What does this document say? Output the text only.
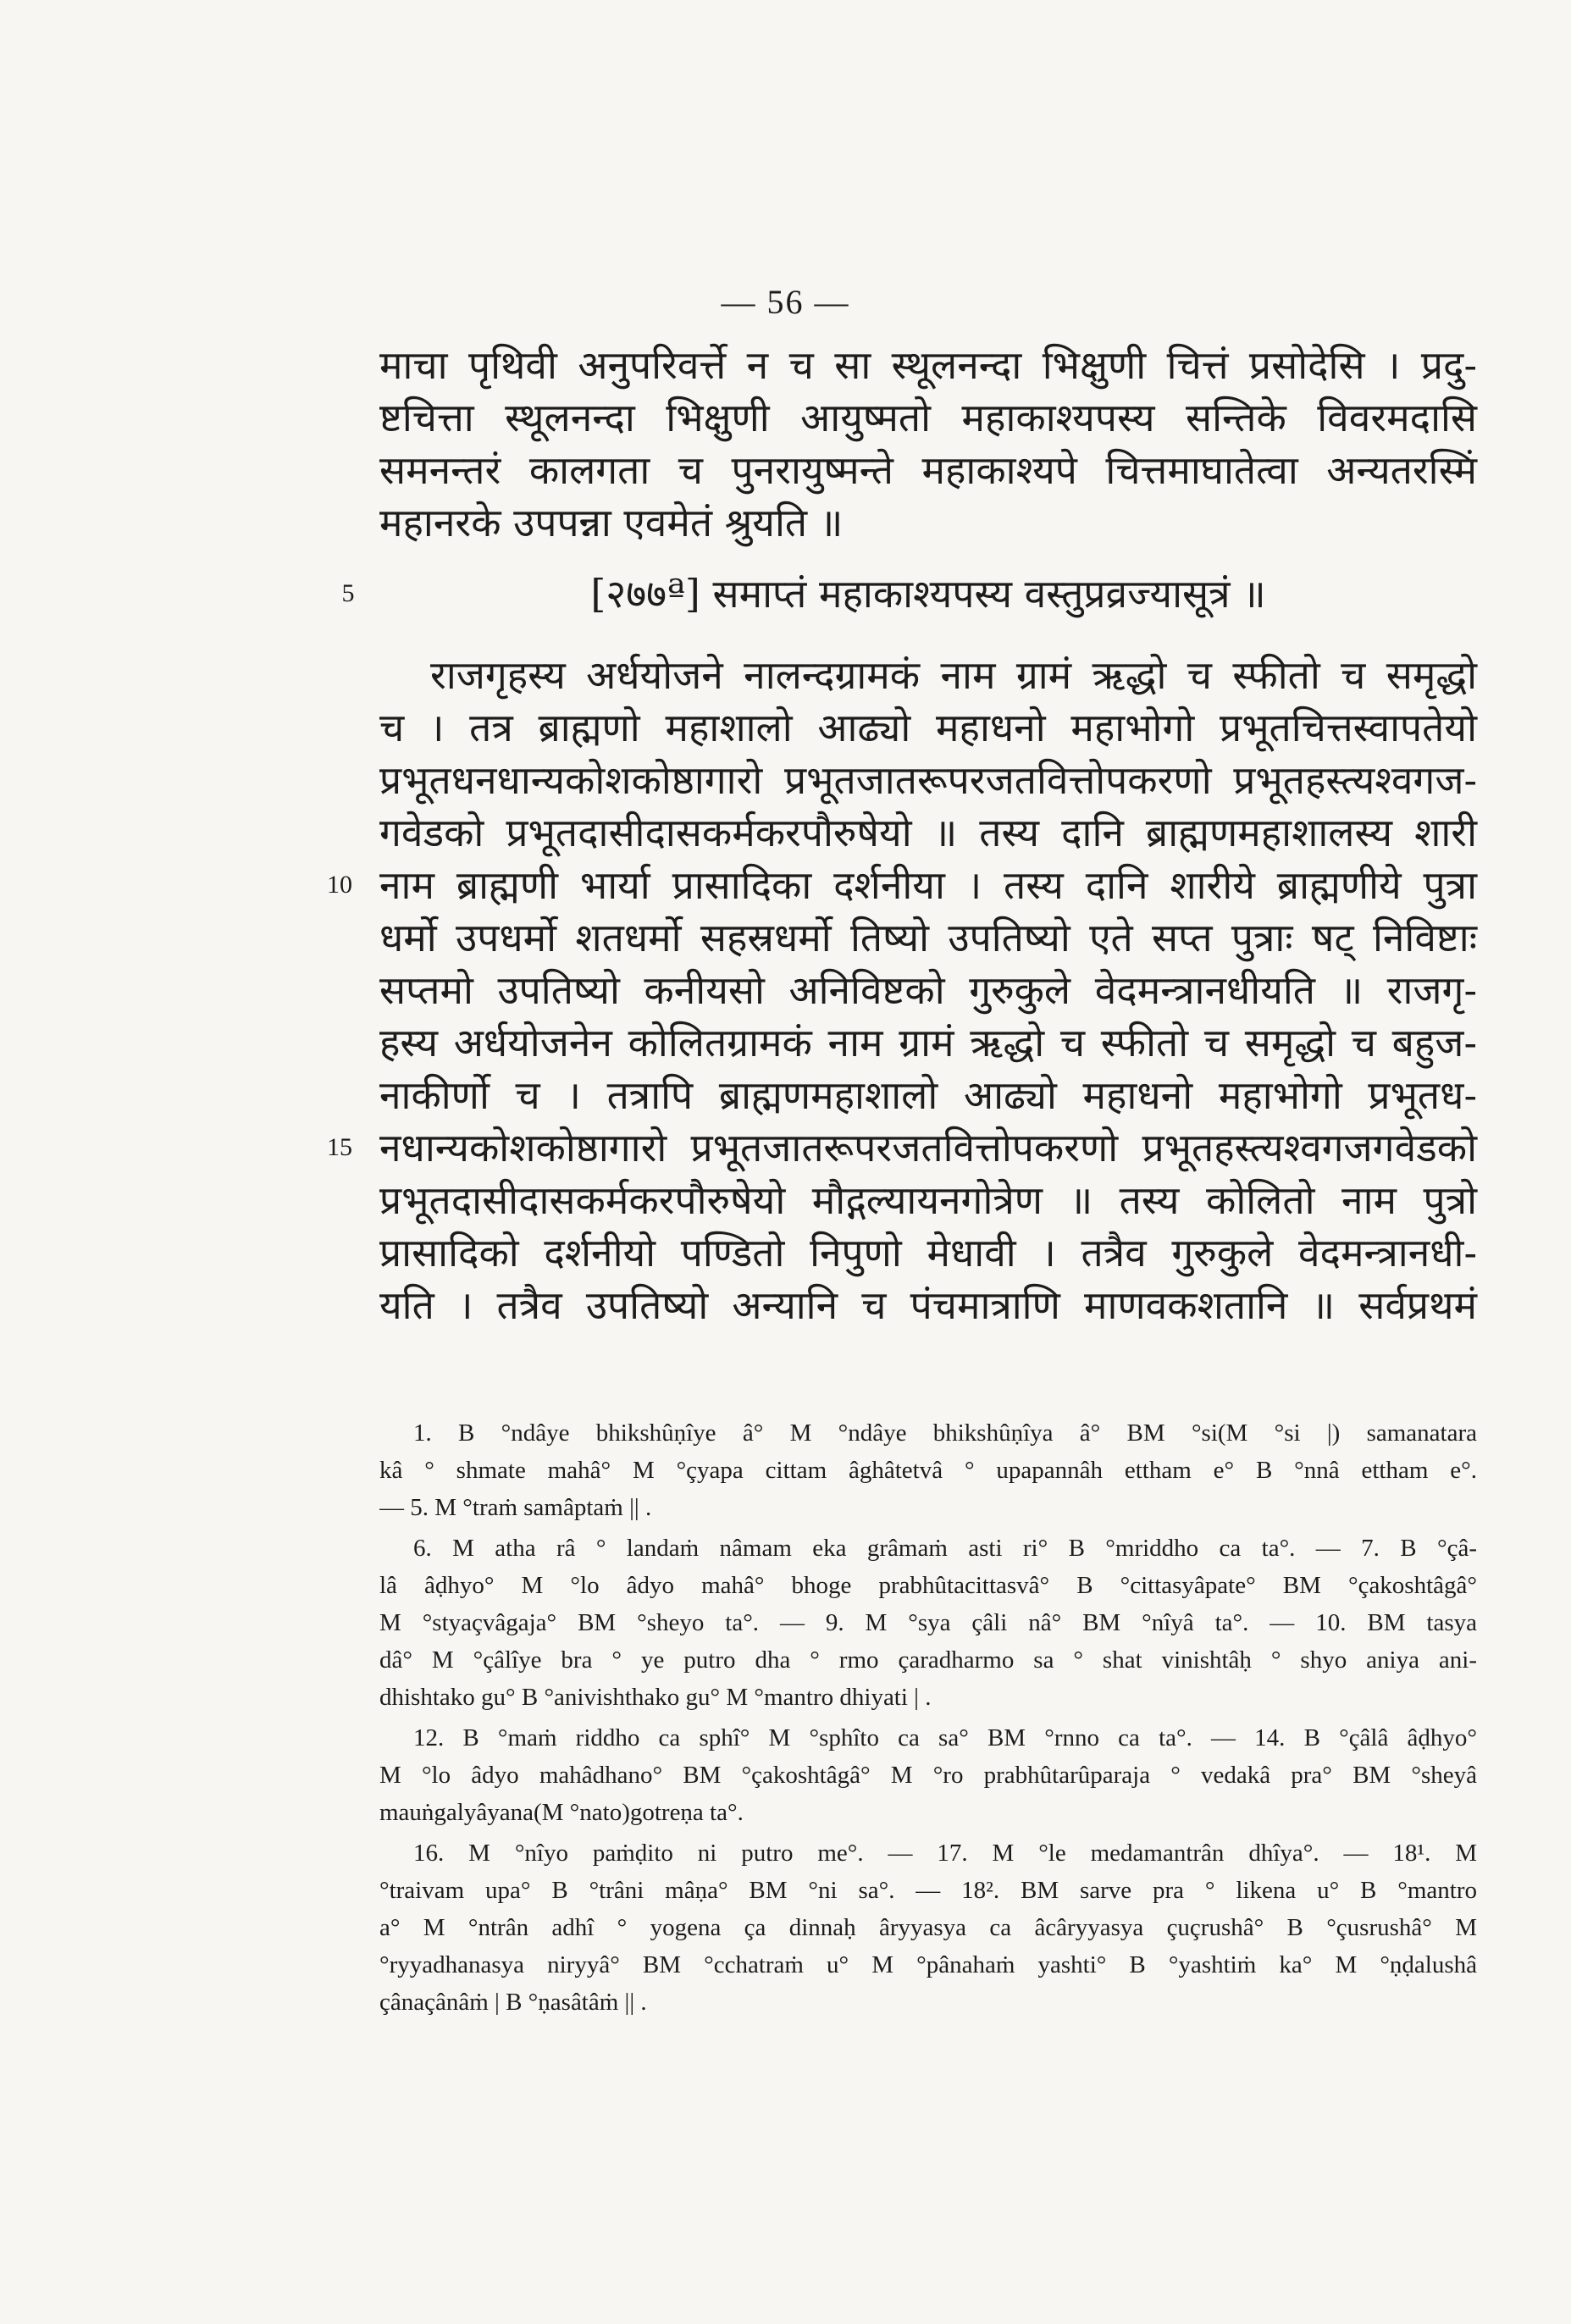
— 56 —
माचा पृथिवी अनुपरिवर्त्ते न च सा स्थूलनन्दा भिक्षुणी चित्तं प्रसोदेसि । प्रदु-
ष्टचित्ता स्थूलनन्दा भिक्षुणी आयुष्मतो महाकाश्यपस्य सन्तिके विवरमदासि
समनन्तरं कालगता च पुनरायुष्मन्ते महाकाश्यपे चित्तमाघातेत्वा अन्यतरस्मिं
महानरके उपपन्ना एवमेतं श्रुयति ॥
5	[२७७ª] समाप्तं महाकाश्यपस्य वस्तुप्रव्रज्यासूत्रं ॥
राजगृहस्य अर्धयोजने नालन्दग्रामकं नाम ग्रामं ऋद्धो च स्फीतो च समृद्धो
च । तत्र ब्राह्मणो महाशालो आढ्यो महाधनो महाभोगो प्रभूतचित्तस्वापतेयो
प्रभूतधनधान्यकोशकोष्ठागारो प्रभूतजातरूपरजतवित्तोपकरणो प्रभूतहस्त्यश्वगज-
गवेडको प्रभूतदासीदासकर्मकरपौरुषेयो ॥ तस्य दानि ब्राह्मणमहाशालस्य शारी
10 नाम ब्राह्मणी भार्या प्रासादिका दर्शनीया । तस्य दानि शारीये ब्राह्मणीये पुत्रा
धर्मो उपधर्मो शतधर्मो सहस्रधर्मो तिष्यो उपतिष्यो एते सप्त पुत्राः षट् निविष्टाः
सप्तमो उपतिष्यो कनीयसो अनिविष्टको गुरुकुले वेदमन्त्रानधीयति ॥ राजगृ-
हस्य अर्धयोजनेन कोलितग्रामकं नाम ग्रामं ऋद्धो च स्फीतो च समृद्धो च बहुज-
नाकीर्णो च । तत्रापि ब्राह्मणमहाशालो आढ्यो महाधनो महाभोगो प्रभूतध-
15 नधान्यकोशकोष्ठागारो प्रभूतजातरूपरजतवित्तोपकरणो प्रभूतहस्त्यश्वगजगवेडको
प्रभूतदासीदासकर्मकरपौरुषेयो मौद्गल्यायनगोत्रेण ॥ तस्य कोलितो नाम पुत्रो
प्रासादिको दर्शनीयो पण्डितो निपुणो मेधावी । तत्रैव गुरुकुले वेदमन्त्रानधी-
यति । तत्रैव उपतिष्यो अन्यानि च पंचमात्राणि माणवकशतानि ॥ सर्वप्रथमं
1. B °ndâye bhikshûṇîye â° M °ndâye bhikshûṇîya â° BM °si(M °si |) samanatara
kâ ° shmate mahâ° M °çyapa cittam âghâtetvâ ° upapannâh ettham e° B °nnâ ettham e°.
— 5. M °traṁ samâptaṁ || .
6. M atha râ ° landaṁ nâmam eka grâmaṁ asti ri° B °mriddho ca ta°. — 7. B °çâ-
lâ âḍhyo° M °lo âdyo mahâ° bhoge prabhûtacittasvâ° B °cittasyâpate° BM °çakoshtâgâ°
M °styaçvâgaja° BM °sheyo ta°. — 9. M °sya çâli nâ° BM °nîyâ ta°. — 10. BM tasya
dâ° M °çâlîye bra ° ye putro dha ° rmo çaradharmo sa ° shat vinishtâḥ ° shyo aniya ani-
dhishtako gu° B °anivishthako gu° M °mantro dhiyati | .
12. B °maṁ riddho ca sphî° M °sphîto ca sa° BM °rnno ca ta°. — 14. B °çâlâ âḍhyo°
M °lo âdyo mahâdhano° BM °çakoshtâgâ° M °ro prabhûtarûparaja ° vedakâ pra° BM °sheyâ
mauṅgalyâyana(M °nato)gotreṇa ta°.
16. M °nîyo paṁḍito ni putro me°. — 17. M °le medamantrân dhîya°. — 18¹. M
°traivam upa° B °trâni mâṇa° BM °ni sa°. — 18². BM sarve pra ° likena u° B °mantro
a° M °ntrân adhî ° yogena ça dinnaḥ âryyasya ca âcâryyasya çuçrushâ° B °çusrushâ° M
°ryyadhanasya niryyâ° BM °cchatraṁ u° M °pânahaṁ yashti° B °yashtiṁ ka° M °ṇḍalushâ
çânaçânâṁ | B °ṇasâtâṁ || .
